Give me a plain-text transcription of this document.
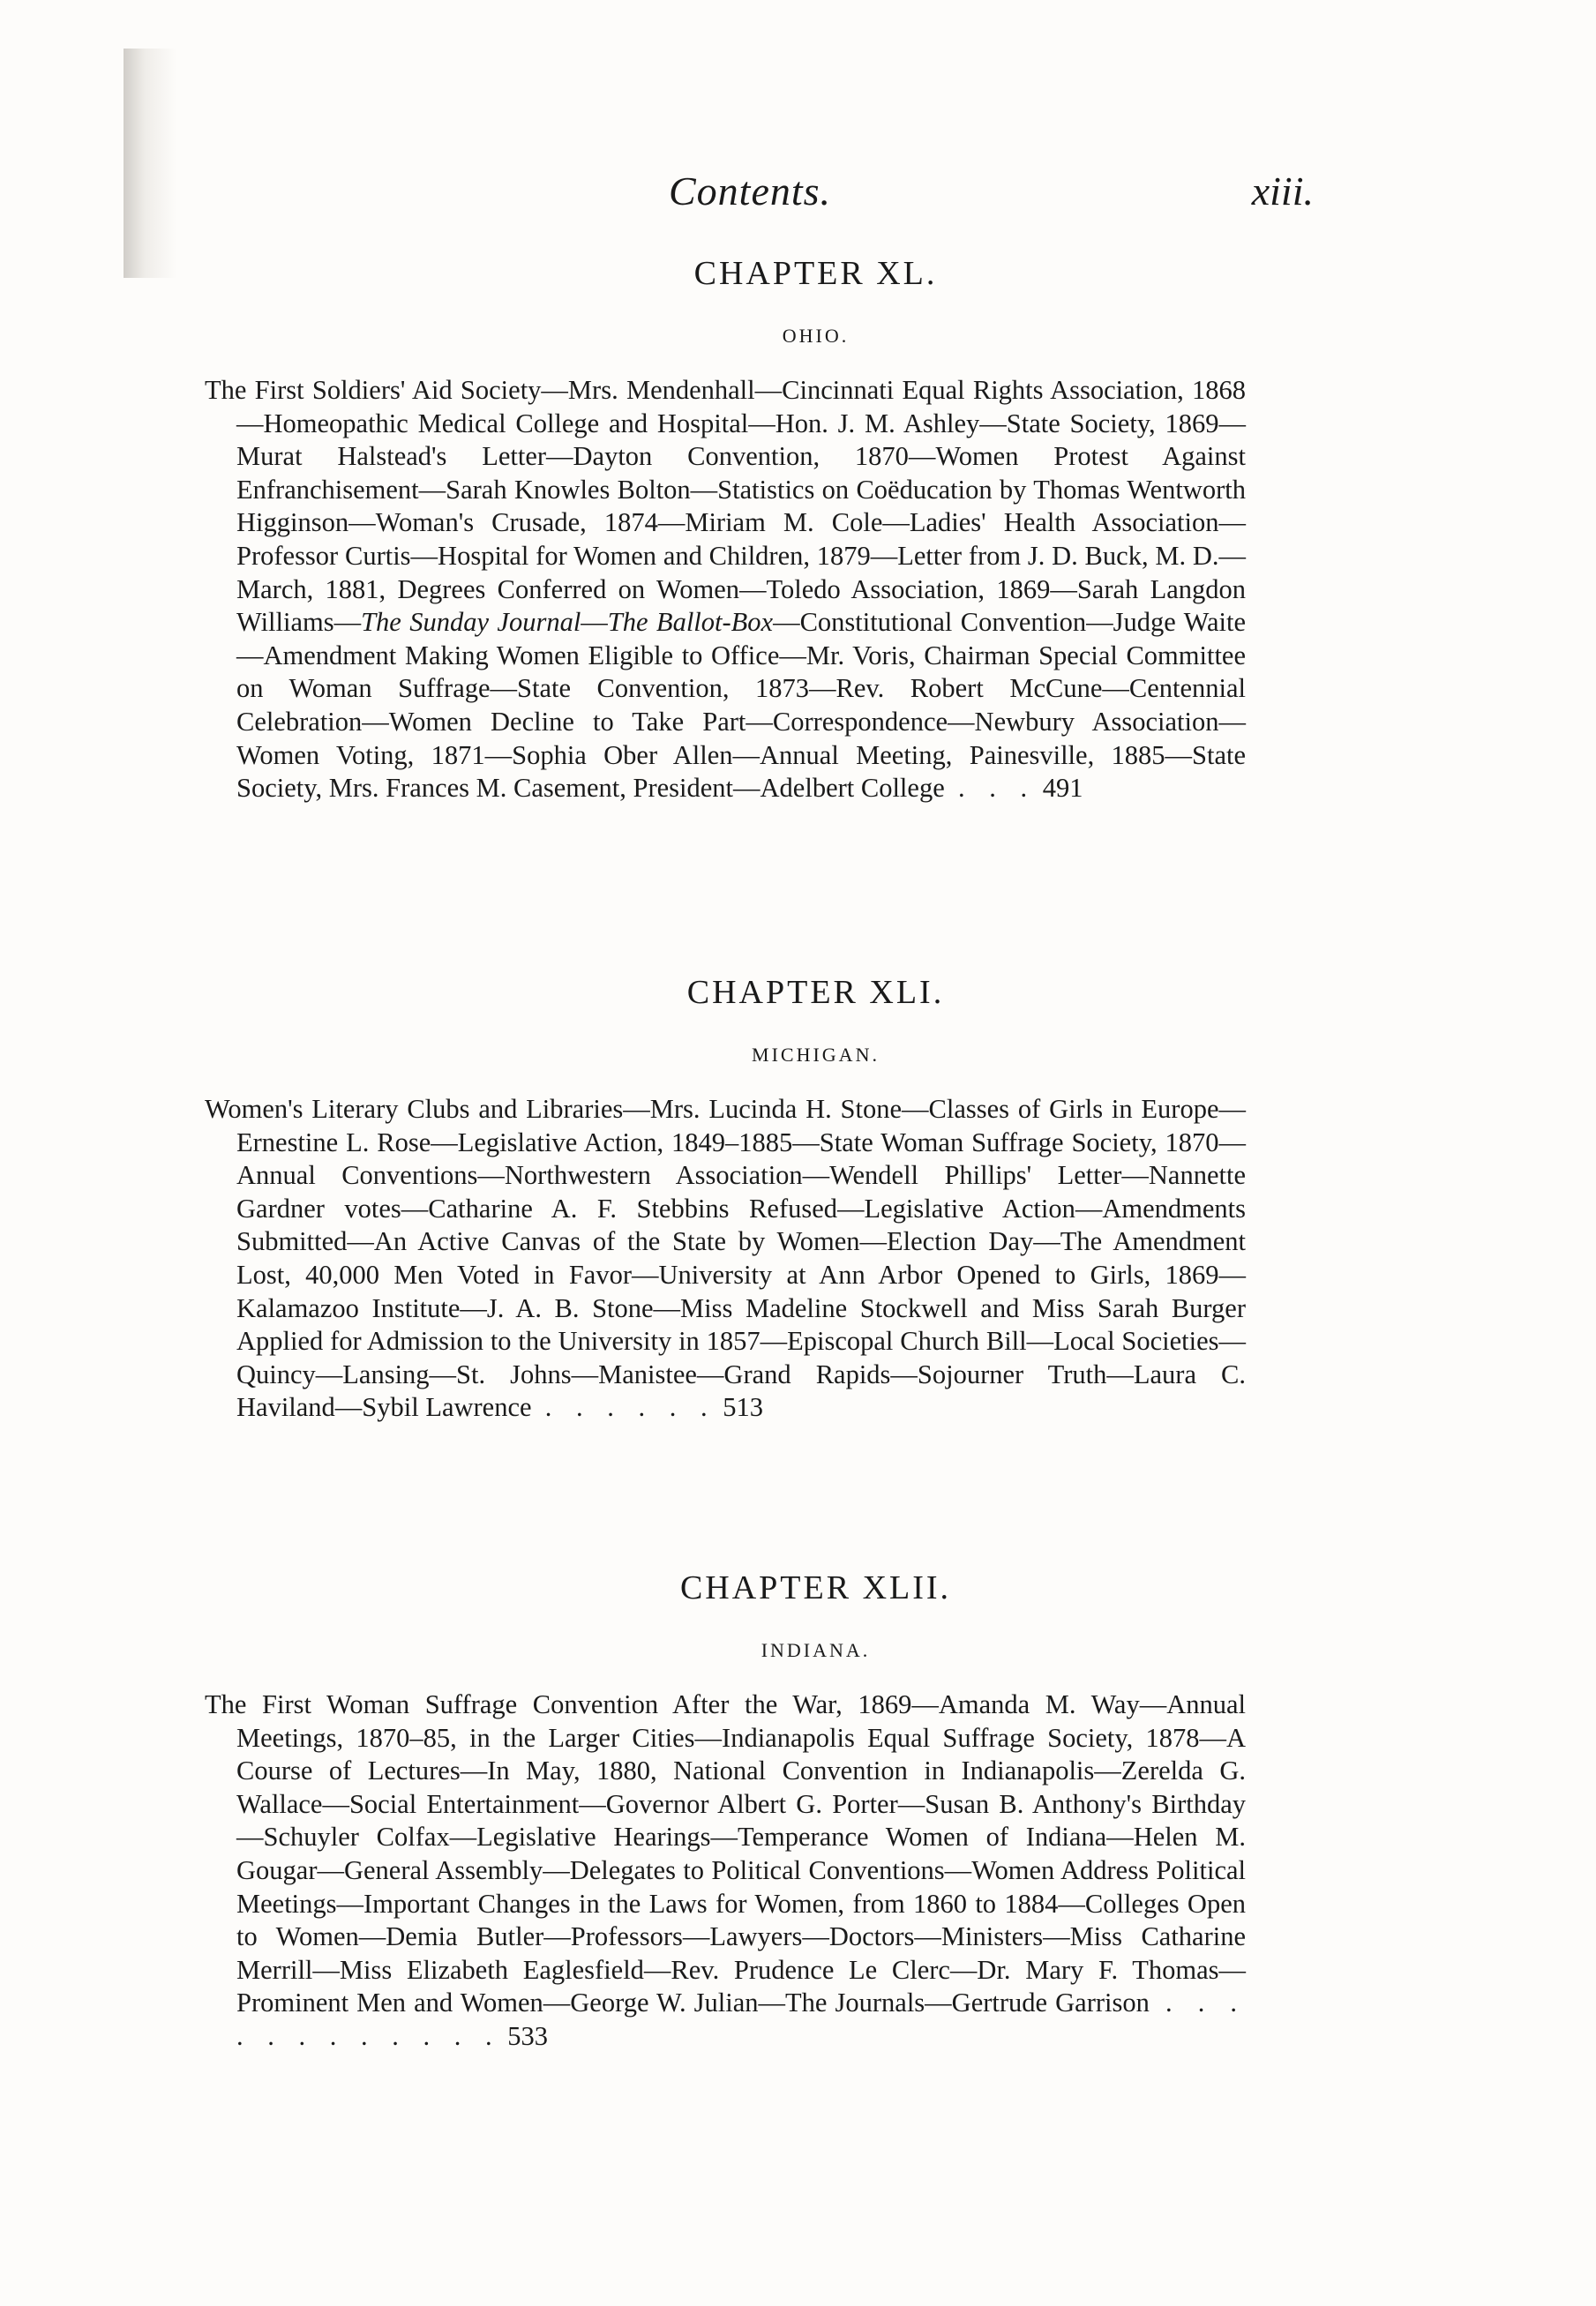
Contents.	xiii.
CHAPTER XL.
OHIO.
The First Soldiers' Aid Society—Mrs. Mendenhall—Cincinnati Equal Rights Association, 1868—Homeopathic Medical College and Hospital—Hon. J. M. Ashley—State Society, 1869—Murat Halstead's Letter—Dayton Convention, 1870—Women Protest Against Enfranchisement—Sarah Knowles Bolton—Statistics on Coëducation by Thomas Wentworth Higginson—Woman's Crusade, 1874—Miriam M. Cole—Ladies' Health Association—Professor Curtis—Hospital for Women and Children, 1879—Letter from J. D. Buck, M. D.—March, 1881, Degrees Conferred on Women—Toledo Association, 1869—Sarah Langdon Williams—The Sunday Journal—The Ballot-Box—Constitutional Convention—Judge Waite—Amendment Making Women Eligible to Office—Mr. Voris, Chairman Special Committee on Woman Suffrage—State Convention, 1873—Rev. Robert McCune—Centennial Celebration—Women Decline to Take Part—Correspondence—Newbury Association—Women Voting, 1871—Sophia Ober Allen—Annual Meeting, Painesville, 1885—State Society, Mrs. Frances M. Casement, President—Adelbert College . . . 491
CHAPTER XLI.
MICHIGAN.
Women's Literary Clubs and Libraries—Mrs. Lucinda H. Stone—Classes of Girls in Europe—Ernestine L. Rose—Legislative Action, 1849–1885—State Woman Suffrage Society, 1870—Annual Conventions—Northwestern Association—Wendell Phillips' Letter—Nannette Gardner votes—Catharine A. F. Stebbins Refused—Legislative Action—Amendments Submitted—An Active Canvas of the State by Women—Election Day—The Amendment Lost, 40,000 Men Voted in Favor—University at Ann Arbor Opened to Girls, 1869—Kalamazoo Institute—J. A. B. Stone—Miss Madeline Stockwell and Miss Sarah Burger Applied for Admission to the University in 1857—Episcopal Church Bill—Local Societies—Quincy—Lansing—St. Johns—Manistee—Grand Rapids—Sojourner Truth—Laura C. Haviland—Sybil Lawrence . . . . . . 513
CHAPTER XLII.
INDIANA.
The First Woman Suffrage Convention After the War, 1869—Amanda M. Way—Annual Meetings, 1870–85, in the Larger Cities—Indianapolis Equal Suffrage Society, 1878—A Course of Lectures—In May, 1880, National Convention in Indianapolis—Zerelda G. Wallace—Social Entertainment—Governor Albert G. Porter—Susan B. Anthony's Birthday—Schuyler Colfax—Legislative Hearings—Temperance Women of Indiana—Helen M. Gougar—General Assembly—Delegates to Political Conventions—Women Address Political Meetings—Important Changes in the Laws for Women, from 1860 to 1884—Colleges Open to Women—Demia Butler—Professors—Lawyers—Doctors—Ministers—Miss Catharine Merrill—Miss Elizabeth Eaglesfield—Rev. Prudence Le Clerc—Dr. Mary F. Thomas—Prominent Men and Women—George W. Julian—The Journals—Gertrude Garrison . . . . . . . . . . . . 533
